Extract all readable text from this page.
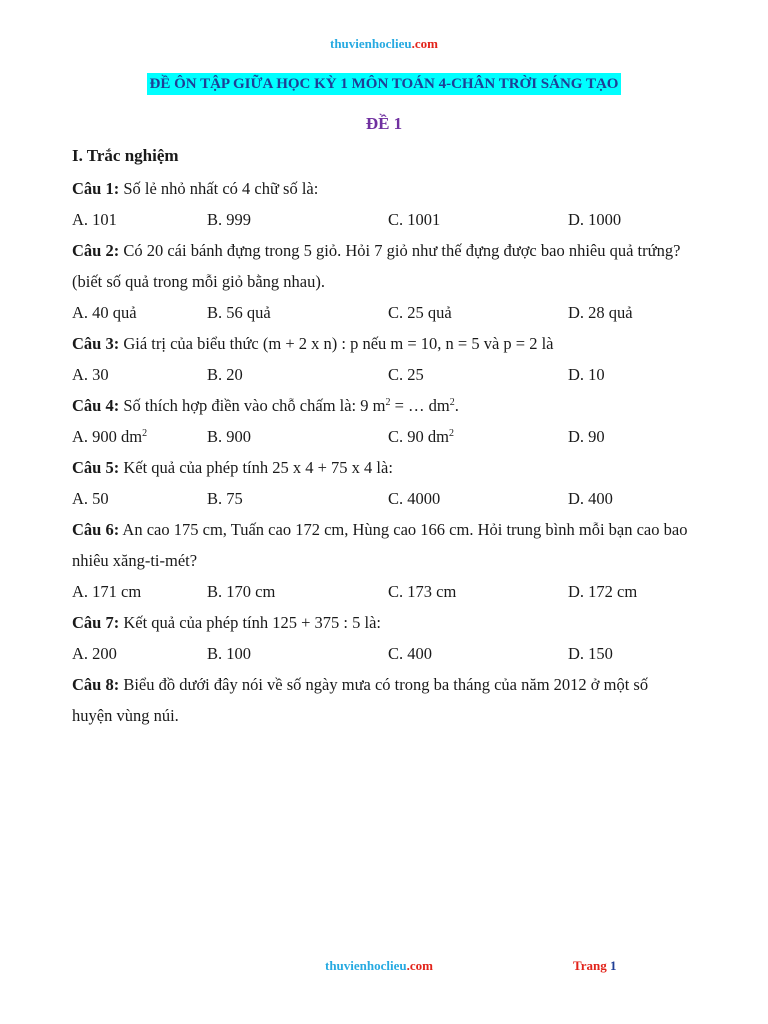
thuvienhoclieu.com
ĐỀ ÔN TẬP GIỮA HỌC KỲ 1 MÔN TOÁN 4-CHÂN TRỜI SÁNG TẠO
ĐỀ 1
I. Trắc nghiệm
Câu 1: Số lẻ nhỏ nhất có 4 chữ số là:
A. 101	B. 999	C. 1001	D. 1000
Câu 2: Có 20 cái bánh đựng trong 5 giỏ. Hỏi 7 giỏ như thế đựng được bao nhiêu quả trứng? (biết số quả trong mỗi giỏ bằng nhau).
A. 40 quả	B. 56 quả	C. 25 quả	D. 28 quả
Câu 3: Giá trị của biểu thức (m + 2 x n) : p nếu m = 10, n = 5 và p = 2 là
A. 30	B. 20	C. 25	D. 10
Câu 4: Số thích hợp điền vào chỗ chấm là: 9 $m^2$ = … $dm^2$.
A. 900 $dm^2$	B. 900	C. 90 $dm^2$	D. 90
Câu 5: Kết quả của phép tính 25 x 4 + 75 x 4 là:
A. 50	B. 75	C. 4000	D. 400
Câu 6: An cao 175 cm, Tuấn cao 172 cm, Hùng cao 166 cm. Hỏi trung bình mỗi bạn cao bao nhiêu xăng-ti-mét?
A. 171 cm	B. 170 cm	C. 173 cm	D. 172 cm
Câu 7: Kết quả của phép tính 125 + 375 : 5 là:
A. 200	B. 100	C. 400	D. 150
Câu 8: Biểu đồ dưới đây nói về số ngày mưa có trong ba tháng của năm 2012 ở một số huyện vùng núi.
thuvienhoclieu.com	Trang 1
